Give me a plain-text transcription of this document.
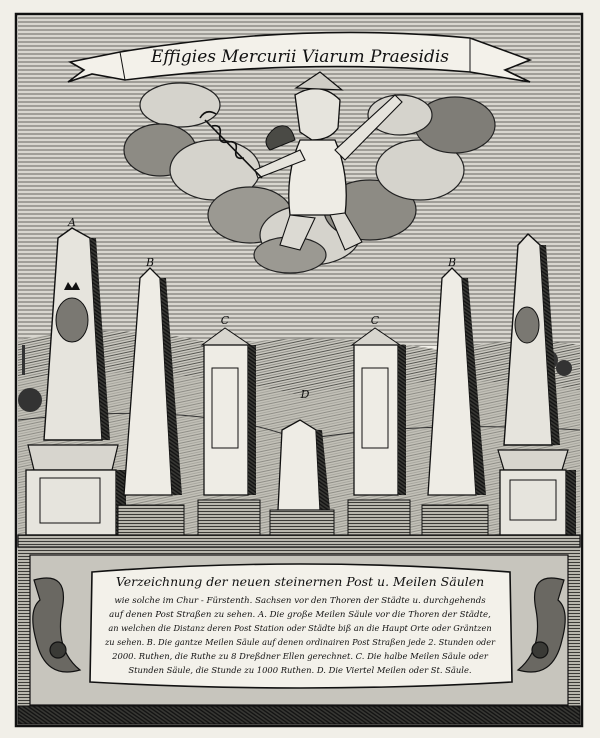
Effigies Mercurii Viarum Praesidis
A
B
C
D
C
B
Verzeichnung der neuen steinernen Post u. Meilen Säulen
wie solche im Chur - Fürstenth. Sachsen vor den Thoren der Städte u. durchgehends
auf denen Post Straßen zu sehen. A. Die große Meilen Säule vor die Thoren der Städte,
an welchen die Distanz deren Post Station oder Städte biß an die Haupt Orte oder Gräntzen
zu sehen. B. Die gantze Meilen Säule auf denen ordinairen Post Straßen jede 2. Stunden oder
2000. Ruthen, die Ruthe zu 8 Dreßdner Ellen gerechnet. C. Die halbe Meilen Säule oder
Stunden Säule, die Stunde zu 1000 Ruthen. D. Die Viertel Meilen oder St. Säule.
